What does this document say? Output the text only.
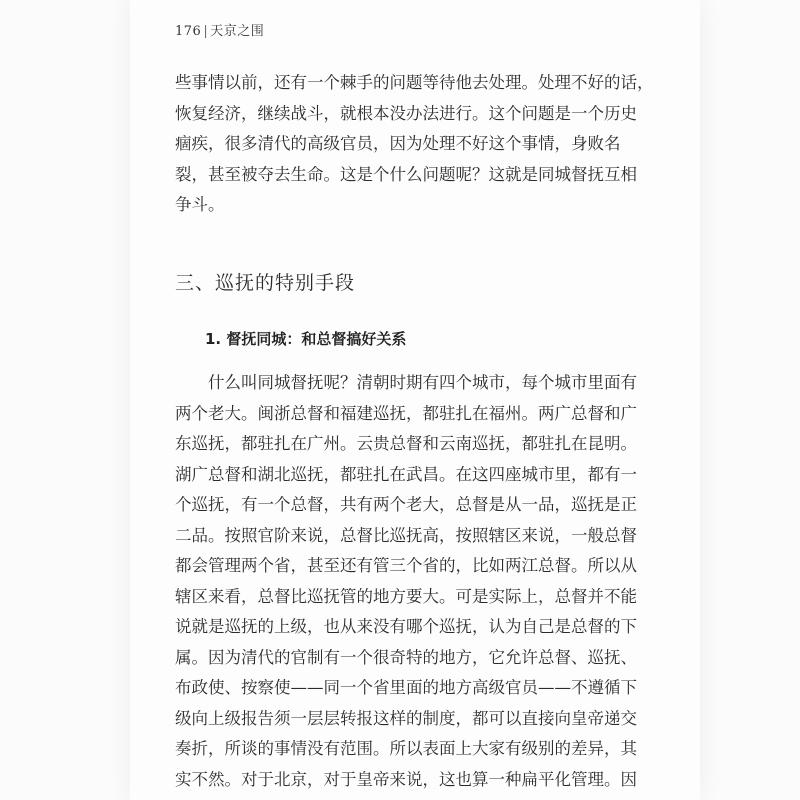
176 | 天京之围
些事情以前，还有一个棘手的问题等待他去处理。处理不好的话，
恢复经济，继续战斗，就根本没办法进行。这个问题是一个历史
痼疾，很多清代的高级官员，因为处理不好这个事情，身败名
裂，甚至被夺去生命。这是个什么问题呢？这就是同城督抚互相
争斗。
三、巡抚的特别手段
1. 督抚同城：和总督搞好关系
　　什么叫同城督抚呢？清朝时期有四个城市，每个城市里面有
两个老大。闽浙总督和福建巡抚，都驻扎在福州。两广总督和广
东巡抚，都驻扎在广州。云贵总督和云南巡抚，都驻扎在昆明。
湖广总督和湖北巡抚，都驻扎在武昌。在这四座城市里，都有一
个巡抚，有一个总督，共有两个老大，总督是从一品，巡抚是正
二品。按照官阶来说，总督比巡抚高，按照辖区来说，一般总督
都会管理两个省，甚至还有管三个省的，比如两江总督。所以从
辖区来看，总督比巡抚管的地方要大。可是实际上，总督并不能
说就是巡抚的上级，也从来没有哪个巡抚，认为自己是总督的下
属。因为清代的官制有一个很奇特的地方，它允许总督、巡抚、
布政使、按察使——同一个省里面的地方高级官员——不遵循下
级向上级报告须一层层转报这样的制度，都可以直接向皇帝递交
奏折，所谈的事情没有范围。所以表面上大家有级别的差异，其
实不然。对于北京，对于皇帝来说，这也算一种扁平化管理。因
